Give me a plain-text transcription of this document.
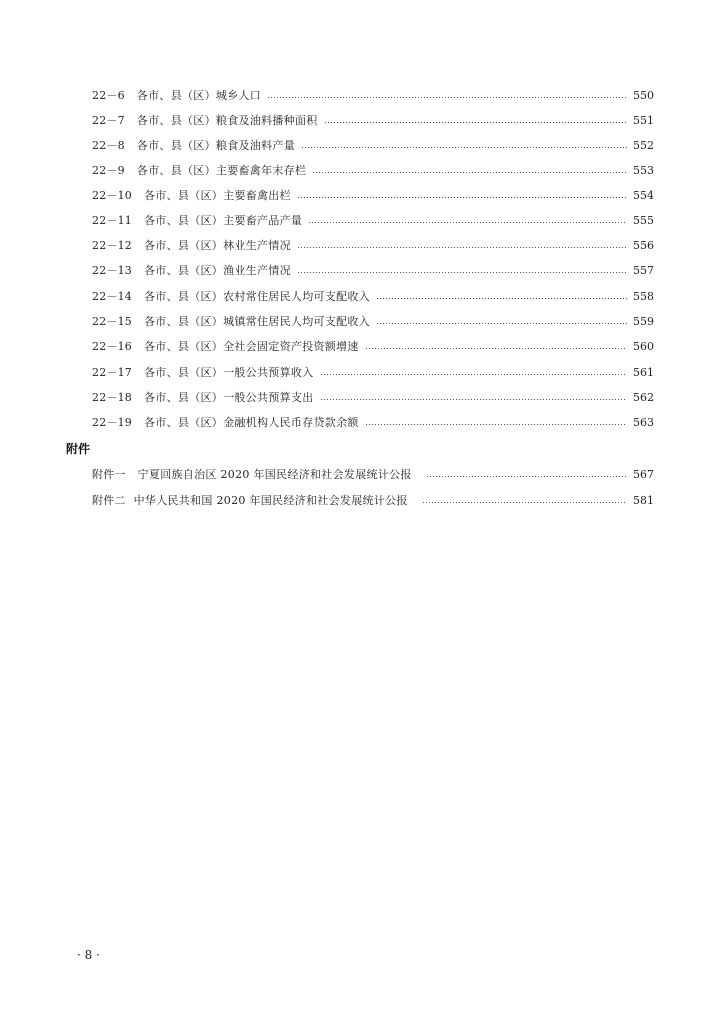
22－6 各市、县（区）城乡人口	550
22－7 各市、县（区）粮食及油料播种面积	551
22－8 各市、县（区）粮食及油料产量	552
22－9 各市、县（区）主要畜禽年末存栏	553
22－10 各市、县（区）主要畜禽出栏	554
22－11 各市、县（区）主要畜产品产量	555
22－12 各市、县（区）林业生产情况	556
22－13 各市、县（区）渔业生产情况	557
22－14 各市、县（区）农村常住居民人均可支配收入	558
22－15 各市、县（区）城镇常住居民人均可支配收入	559
22－16 各市、县（区）全社会固定资产投资额增速	560
22－17 各市、县（区）一般公共预算收入	561
22－18 各市、县（区）一般公共预算支出	562
22－19 各市、县（区）金融机构人民币存贷款余额	563
附件
附件一 宁夏回族自治区 2020 年国民经济和社会发展统计公报	567
附件二 中华人民共和国 2020 年国民经济和社会发展统计公报	581
· 8 ·
